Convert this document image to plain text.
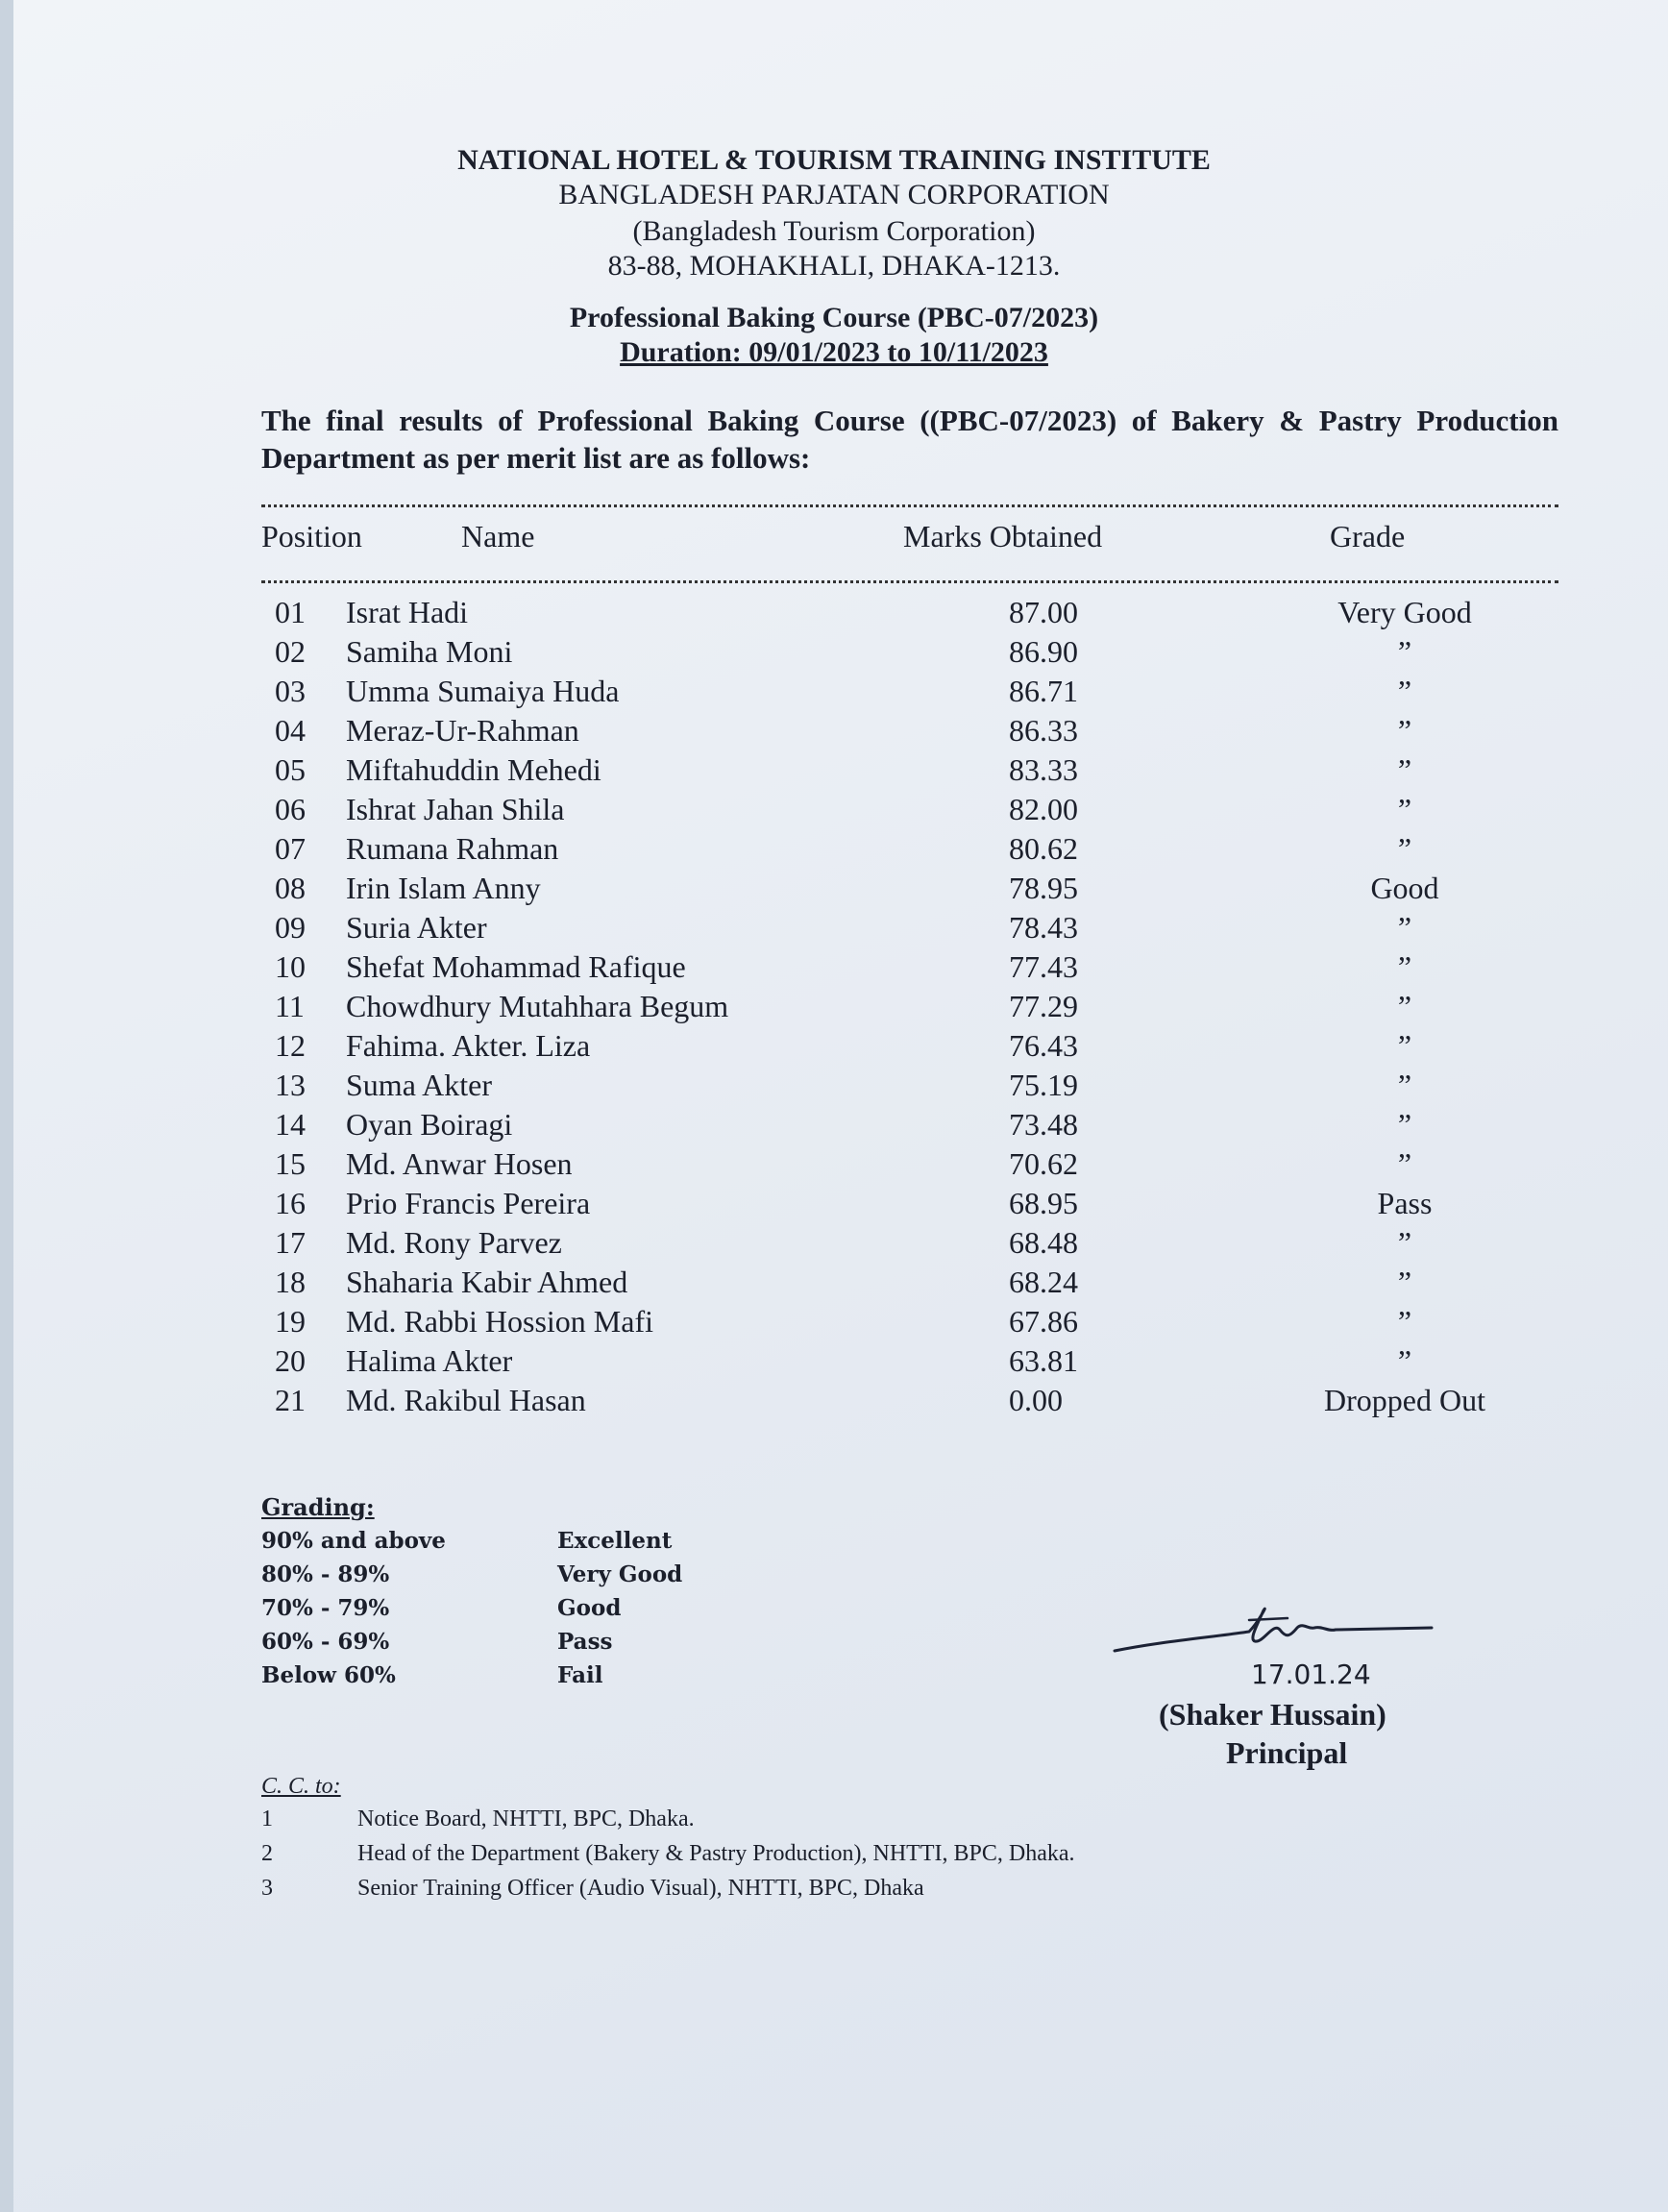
NATIONAL HOTEL & TOURISM TRAINING INSTITUTE
BANGLADESH PARJATAN CORPORATION
(Bangladesh Tourism Corporation)
83-88, MOHAKHALI, DHAKA-1213.
Professional Baking Course (PBC-07/2023)
Duration: 09/01/2023 to 10/11/2023
The final results of Professional Baking Course ((PBC-07/2023) of Bakery & Pastry Production Department as per merit list are as follows:
Position	Name	Marks Obtained	Grade
01 Israt Hadi	87.00	Very Good
02 Samiha Moni	86.90	”
03 Umma Sumaiya Huda	86.71	”
04 Meraz-Ur-Rahman	86.33	”
05 Miftahuddin Mehedi	83.33	”
06 Ishrat Jahan Shila	82.00	”
07 Rumana Rahman	80.62	”
08 Irin Islam Anny	78.95	Good
09 Suria Akter	78.43	”
10 Shefat Mohammad Rafique	77.43	”
11 Chowdhury Mutahhara Begum	77.29	”
12 Fahima. Akter. Liza	76.43	”
13 Suma Akter	75.19	”
14 Oyan Boiragi	73.48	”
15 Md. Anwar Hosen	70.62	”
16 Prio Francis Pereira	68.95	Pass
17 Md. Rony Parvez	68.48	”
18 Shaharia Kabir Ahmed	68.24	”
19 Md. Rabbi Hossion Mafi	67.86	”
20 Halima Akter	63.81	”
21 Md. Rakibul Hasan	0.00	Dropped Out
Grading:
90% and above	Excellent
80% - 89%	Very Good
70% - 79%	Good
60% - 69%	Pass
Below 60%	Fail	17.01.24
(Shaker Hussain)
Principal
C. C. to:
1	Notice Board, NHTTI, BPC, Dhaka.
2	Head of the Department (Bakery & Pastry Production), NHTTI, BPC, Dhaka.
3	Senior Training Officer (Audio Visual), NHTTI, BPC, Dhaka
